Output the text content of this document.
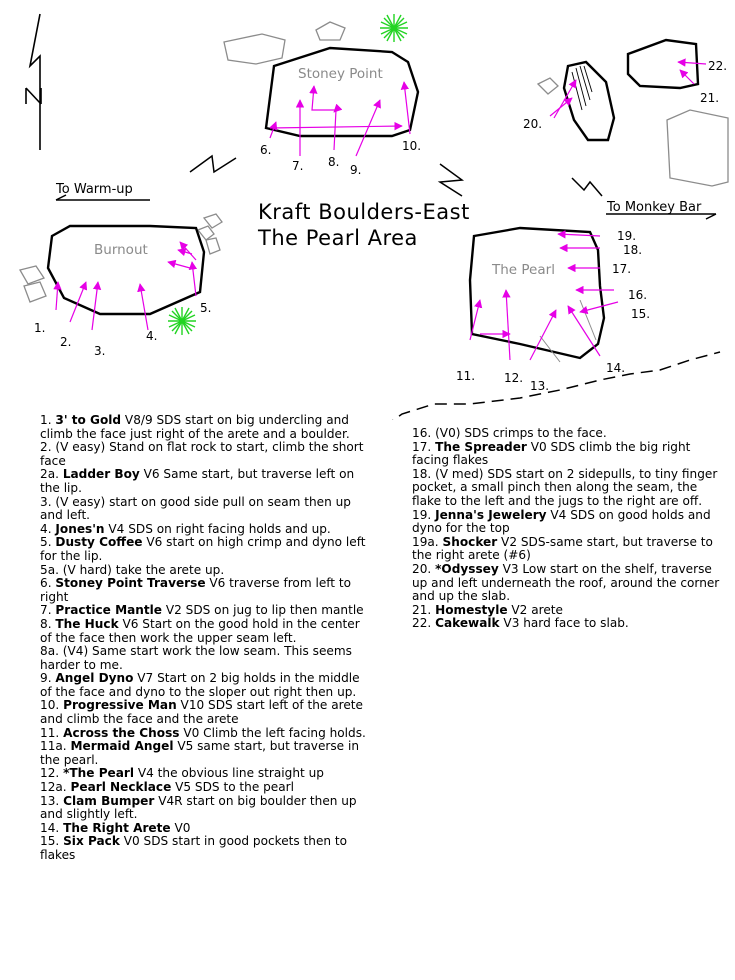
Stoney Point
Burnout
The Pearl
To Warm-up
To Monkey Bar
1.
2.
3.
4.
5.
6.
7. 8.
9.
10.
11. 12.
13.
14.
15.
16.
17.
18.
19.
20.
21.
22.
Kraft Boulders-East
The Pearl Area

1. 3' to Gold V8/9 SDS start on big undercling and climb the face just right of the arete and a boulder.

2. (V easy) Stand on flat rock to start, climb the short face

2a. Ladder Boy V6 Same start, but traverse left on the lip.

3. (V easy) start on good side pull on seam then up and left.

4. Jones'n V4 SDS on right facing holds and up.

5. Dusty Coffee V6 start on high crimp and dyno left for the lip.

5a. (V hard) take the arete up.

6. Stoney Point Traverse V6 traverse from left to right

7. Practice Mantle V2 SDS on jug to lip then mantle

8. The Huck V6 Start on the good hold in the center of the face then work the upper seam left.

8a. (V4) Same start work the low seam. This seems harder to me.

9. Angel Dyno V7 Start on 2 big holds in the middle of the face and dyno to the sloper out right then up.

10. Progressive Man V10 SDS start left of the arete and climb the face and the arete

11. Across the Choss V0 Climb the left facing holds.

11a. Mermaid Angel V5 same start, but traverse in the pearl.

12. *The Pearl V4 the obvious line straight up

12a. Pearl Necklace V5 SDS to the pearl

13. Clam Bumper V4R start on big boulder then up and slightly left.

14. The Right Arete V0

15. Six Pack V0 SDS start in good pockets then to flakes

16. (V0) SDS crimps to the face.

17. The Spreader V0 SDS climb the big right facing flakes

18. (V med) SDS start on 2 sidepulls, to tiny finger pocket, a small pinch then along the seam, the flake to the left and the jugs to the right are off.

19. Jenna's Jewelery V4 SDS on good holds and dyno for the top

19a. Shocker V2 SDS-same start, but traverse to the right arete (#6)

20. *Odyssey V3 Low start on the shelf, traverse up and left underneath the roof, around the corner and up the slab.

21. Homestyle V2 arete

22. Cakewalk V3 hard face to slab.
